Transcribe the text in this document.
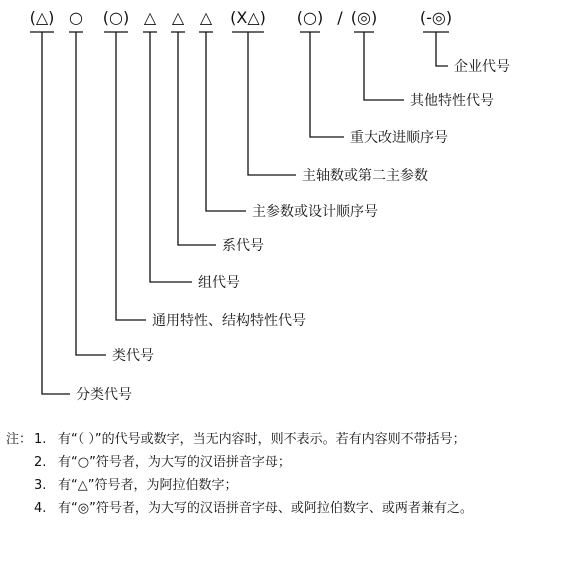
(△) ○ (○) △ △ △ (X△) (○) / (◎)	(-◎)
企业代号
其他特性代号
重大改进顺序号
主轴数或第二主参数
主参数或设计顺序号
系代号
组代号
通用特性、结构特性代号
类代号
分类代号
注： 1. 有“（ ）”的代号或数字，当无内容时，则不表示。若有内容则不带括号；
2. 有“○”符号者，为大写的汉语拼音字母；
3. 有“△”符号者，为阿拉伯数字；
4. 有“◎”符号者，为大写的汉语拼音字母、或阿拉伯数字、或两者兼有之。
